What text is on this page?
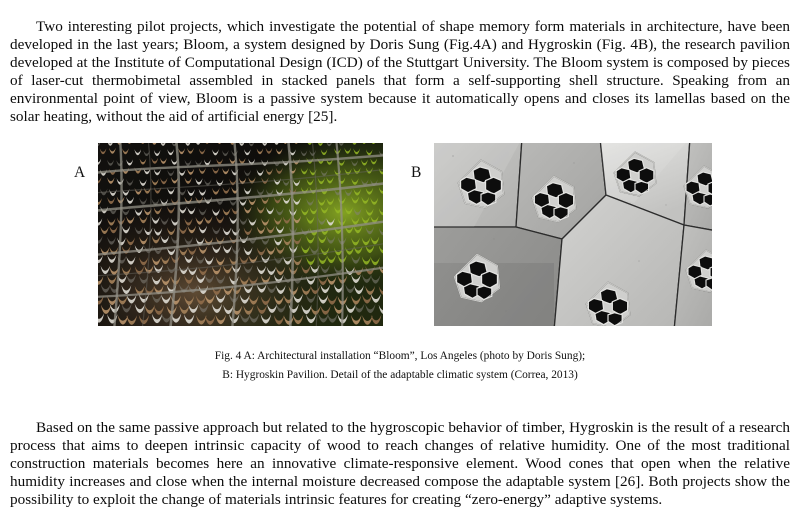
Two interesting pilot projects, which investigate the potential of shape memory form materials in architecture, have been developed in the last years; Bloom, a system designed by Doris Sung (Fig.4A) and Hygroskin (Fig. 4B), the research pavilion developed at the Institute of Computational Design (ICD) of the Stuttgart University. The Bloom system is composed by pieces of laser-cut thermobimetal assembled in stacked panels that form a self-supporting shell structure. Speaking from an environmental point of view, Bloom is a passive system because it automatically opens and closes its lamellas based on the solar heating, without the aid of artificial energy [25].

A	B
Fig. 4 A: Architectural installation “Bloom”, Los Angeles (photo by Doris Sung);
B: Hygroskin Pavilion. Detail of the adaptable climatic system (Correa, 2013)

Based on the same passive approach but related to the hygroscopic behavior of timber, Hygroskin is the result of a research process that aims to deepen intrinsic capacity of wood to reach changes of relative humidity. One of the most traditional construction materials becomes here an innovative climate-responsive element. Wood cones that open when the relative humidity increases and close when the internal moisture decreased compose the adaptable system [26]. Both projects show the possibility to exploit the change of materials intrinsic features for creating “zero-energy” adaptive systems.
